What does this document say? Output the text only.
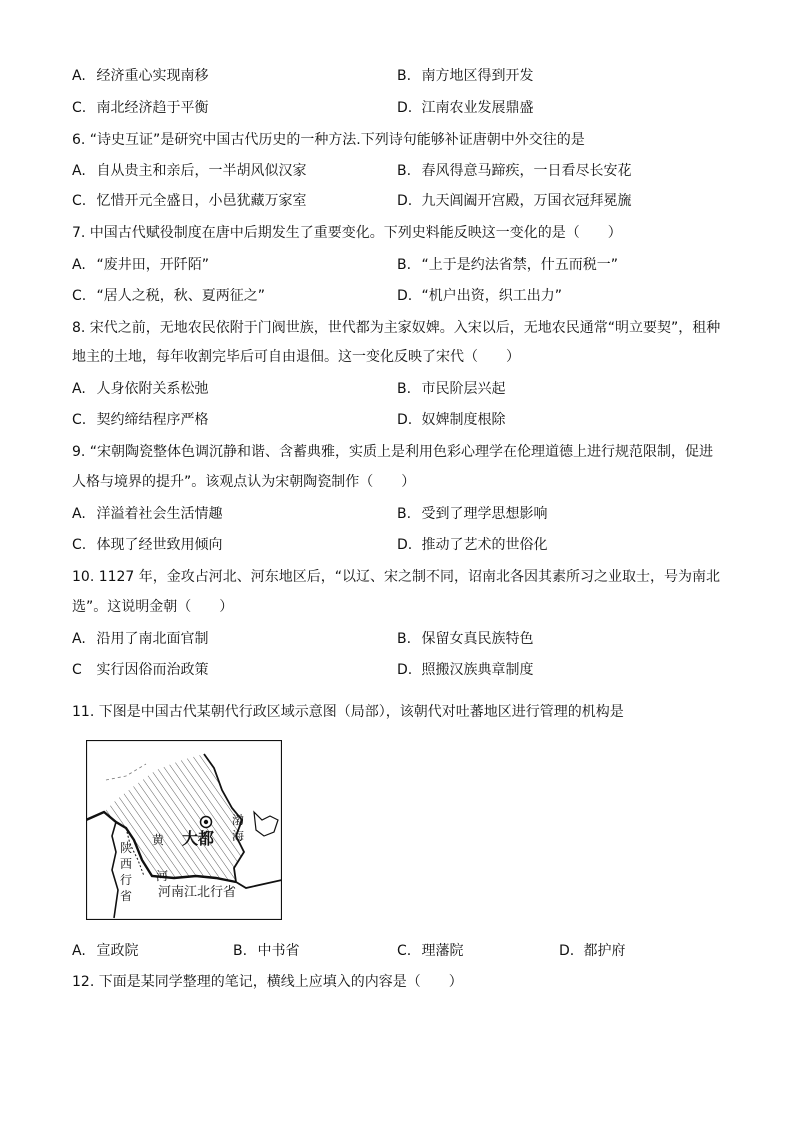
A. 经济重心实现南移	B. 南方地区得到开发
C. 南北经济趋于平衡	D. 江南农业发展鼎盛
6. “诗史互证”是研究中国古代历史的一种方法.下列诗句能够补证唐朝中外交往的是
A. 自从贵主和亲后，一半胡风似汉家	B. 春风得意马蹄疾，一日看尽长安花
C. 忆惜开元全盛日，小邑犹藏万家室	D. 九天阊阖开宫殿，万国衣冠拜冕旒
7. 中国古代赋役制度在唐中后期发生了重要变化。下列史料能反映这一变化的是（　　）
A. “废井田，开阡陌”	B. “上于是约法省禁，什五而税一”
C. “居人之税，秋、夏两征之”	D. “机户出资，织工出力”
8. 宋代之前，无地农民依附于门阀世族，世代都为主家奴婢。入宋以后，无地农民通常“明立要契”，租种
地主的土地，每年收割完毕后可自由退佃。这一变化反映了宋代（　　）
A. 人身依附关系松弛	B. 市民阶层兴起
C. 契约缔结程序严格	D. 奴婢制度根除
9. “宋朝陶瓷整体色调沉静和谐、含蓄典雅，实质上是利用色彩心理学在伦理道德上进行规范限制，促进
人格与境界的提升”。该观点认为宋朝陶瓷制作（　　）
A. 洋溢着社会生活情趣	B. 受到了理学思想影响
C. 体现了经世致用倾向	D. 推动了艺术的世俗化
10. 1127 年，金攻占河北、河东地区后，“以辽、宋之制不同，诏南北各因其素所习之业取士，号为南北
选”。这说明金朝（　　）
A. 沿用了南北面官制	B. 保留女真民族特色
C 实行因俗而治政策	D. 照搬汉族典章制度
11. 下图是中国古代某朝代行政区域示意图（局部），该朝代对吐蕃地区进行管理的机构是
大都
渤
海
黄
河
陕
西
行
省 河南江北行省
A. 宣政院	B. 中书省	C. 理藩院	D. 都护府
12. 下面是某同学整理的笔记，横线上应填入的内容是（　　）
